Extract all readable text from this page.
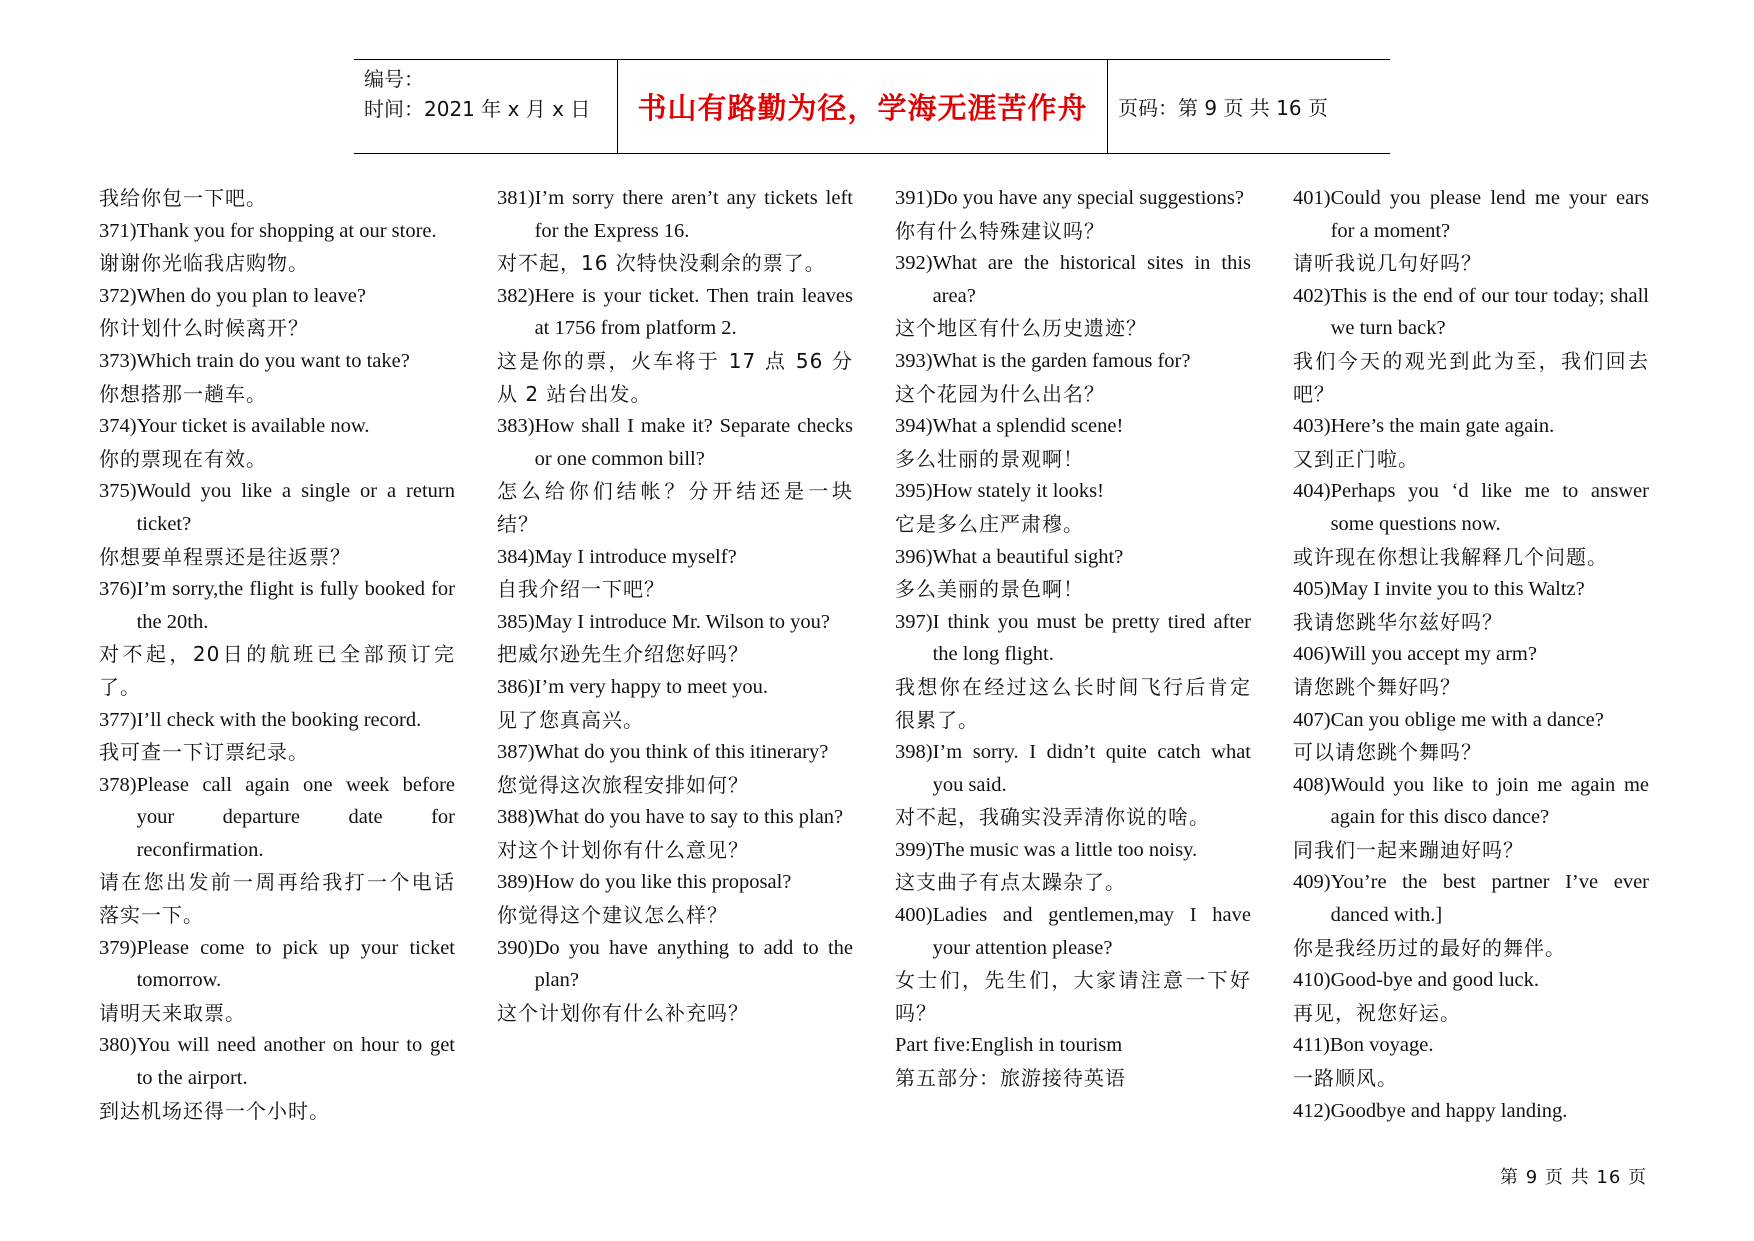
编号：
时间：2021 年 x 月 x 日	书山有路勤为径，学海无涯苦作舟	页码：第 9 页 共 16 页
我给你包一下吧。
371) Thank you for shopping at our store.
谢谢你光临我店购物。
372) When do you plan to leave?
你计划什么时候离开？
373) Which train do you want to take?
你想搭那一趟车。
374) Your ticket is available now.
你的票现在有效。
375) Would you like a single or a return ticket?
你想要单程票还是往返票？
376) I’m sorry,the flight is fully booked for the 20th.
对不起，20日的航班已全部预订完了。
377) I’ll check with the booking record.
我可查一下订票纪录。
378) Please call again one week before your departure date for reconfirmation.
请在您出发前一周再给我打一个电话落实一下。
379) Please come to pick up your ticket tomorrow.
请明天来取票。
380) You will need another on hour to get to the airport.
到达机场还得一个小时。
381) I’m sorry there aren’t any tickets left for the Express 16.
对不起，16 次特快没剩余的票了。
382) Here is your ticket. Then train leaves at 1756 from platform 2.
这是你的票，火车将于 17 点 56 分从 2 站台出发。
383) How shall I make it? Separate checks or one common bill?
怎么给你们结帐？分开结还是一块结？
384) May I introduce myself?
自我介绍一下吧？
385) May I introduce Mr. Wilson to you?
把威尔逊先生介绍您好吗？
386) I’m very happy to meet you.
见了您真高兴。
387) What do you think of this itinerary?
您觉得这次旅程安排如何？
388) What do you have to say to this plan?
对这个计划你有什么意见？
389) How do you like this proposal?
你觉得这个建议怎么样？
390) Do you have anything to add to the plan?
这个计划你有什么补充吗？
391) Do you have any special suggestions?
你有什么特殊建议吗？
392) What are the historical sites in this area?
这个地区有什么历史遗迹？
393) What is the garden famous for?
这个花园为什么出名？
394) What a splendid scene!
多么壮丽的景观啊！
395) How stately it looks!
它是多么庄严肃穆。
396) What a beautiful sight?
多么美丽的景色啊！
397) I think you must be pretty tired after the long flight.
我想你在经过这么长时间飞行后肯定很累了。
398) I’m sorry. I didn’t quite catch what you said.
对不起，我确实没弄清你说的啥。
399) The music was a little too noisy.
这支曲子有点太躁杂了。
400) Ladies and gentlemen,may I have your attention please?
女士们，先生们，大家请注意一下好吗？
Part five:English in tourism
第五部分：旅游接待英语
401) Could you please lend me your ears for a moment?
请听我说几句好吗？
402) This is the end of our tour today; shall we turn back?
我们今天的观光到此为至，我们回去吧？
403) Here’s the main gate again.
又到正门啦。
404) Perhaps you ‘d like me to answer some questions now.
或许现在你想让我解释几个问题。
405) May I invite you to this Waltz?
我请您跳华尔兹好吗？
406) Will you accept my arm?
请您跳个舞好吗？
407) Can you oblige me with a dance?
可以请您跳个舞吗？
408) Would you like to join me again me again for this disco dance?
同我们一起来蹦迪好吗？
409) You’re the best partner I’ve ever danced with.]
你是我经历过的最好的舞伴。
410) Good-bye and good luck.
再见，祝您好运。
411) Bon voyage.
一路顺风。
412) Goodbye and happy landing.
第 9 页 共 16 页
